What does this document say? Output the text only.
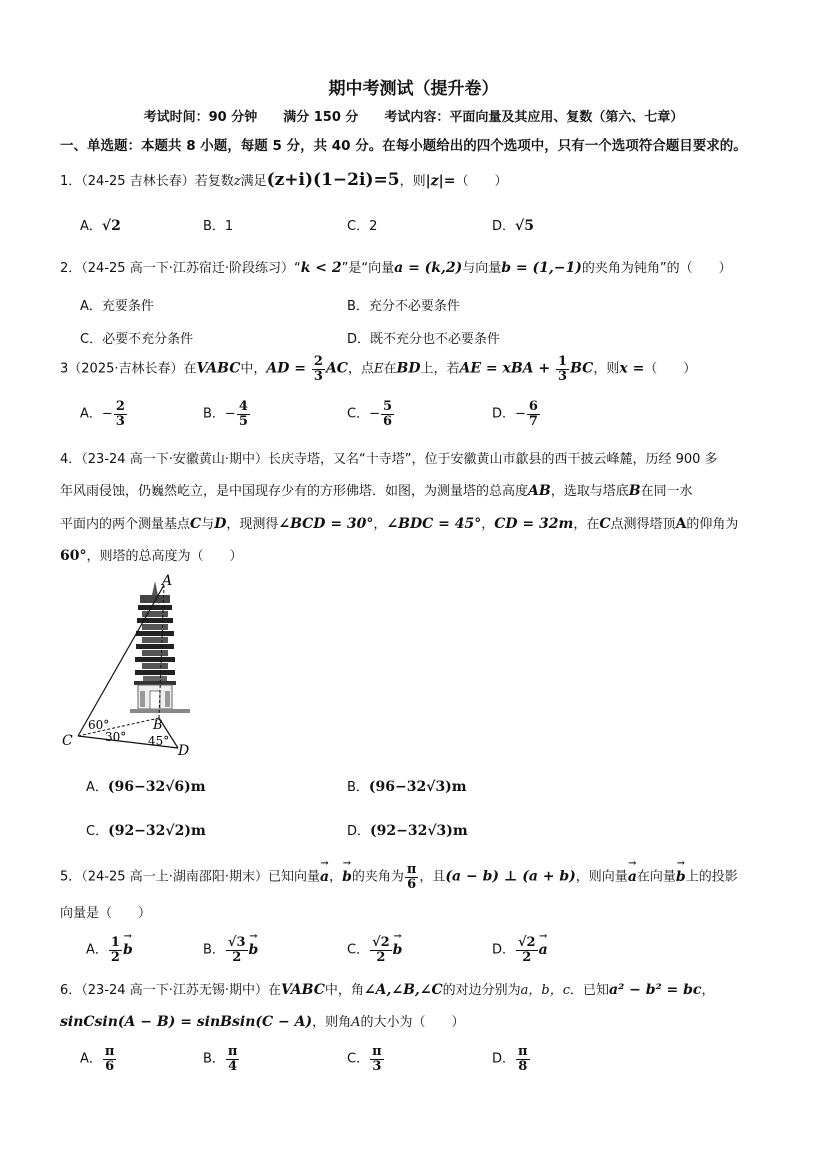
期中考测试（提升卷）
考试时间：90 分钟　　满分 150 分　　考试内容：平面向量及其应用、复数（第六、七章）
一、单选题：本题共 8 小题，每题 5 分，共 40 分。在每小题给出的四个选项中，只有一个选项符合题目要求的。
1．（24-25 吉林长春）若复数z满足(z+i)(1−2i)=5，则|z|=（　　）
A．√2	B．1	C．2	D．√5
2．（24-25 高一下·江苏宿迁·阶段练习）“k < 2”是“向量a = (k,2)与向量b = (1,−1)的夹角为钝角”的（　　）
A．充要条件	B．充分不必要条件
C．必要不充分条件	D．既不充分也不必要条件
3（2025·吉林长春）在VABC中，AD = $\frac{2}{3}$ AC，点E在BD上，若AE = xBA + $\frac{1}{3}$ BC，则x =（　　）
A．− $\frac{2}{3}$	B．− $\frac{4}{5}$	C．− $\frac{5}{6}$	D．− $\frac{6}{7}$
4．（23-24 高一下·安徽黄山·期中）长庆寺塔，又名“十寺塔”，位于安徽黄山市歙县的西干披云峰麓，历经 900 多
年风雨侵蚀，仍巍然屹立，是中国现存少有的方形佛塔．如图，为测量塔的总高度AB，选取与塔底B在同一水
平面内的两个测量基点C与D，现测得∠BCD = 30°，∠BDC = 45°，CD = 32m，在C点测得塔顶A的仰角为
60°，则塔的总高度为（　　）
A
B
C
D
60°
30° 45°
A．(96−32√6)m	B．(96−32√3)m
C．(92−32√2)m	D．(92−32√3)m
5．（24-25 高一上·湖南邵阳·期末）已知向量→ a，→ b的夹角为 $\frac{\pi}{6}$ ，且(a − b) ⊥ (a + b)，则向量→ a在向量→ b上的投影
向量是（　　）
A． $\frac{1}{2} \to b$	B． $\frac{√3}{2} \to b$	C． $\frac{√2}{2} \to b$	D． $\frac{√2}{2} \to a$
6．（23-24 高一下·江苏无锡·期中）在VABC中，角∠A,∠B,∠C的对边分别为a，b，c．已知a² − b² = bc，
sinCsin(A − B) = sinBsin(C − A)，则角A的大小为（　　）
A． $\frac{\pi}{6}$	B． $\frac{\pi}{4}$	C． $\frac{\pi}{3}$	D． $\frac{\pi}{8}$
